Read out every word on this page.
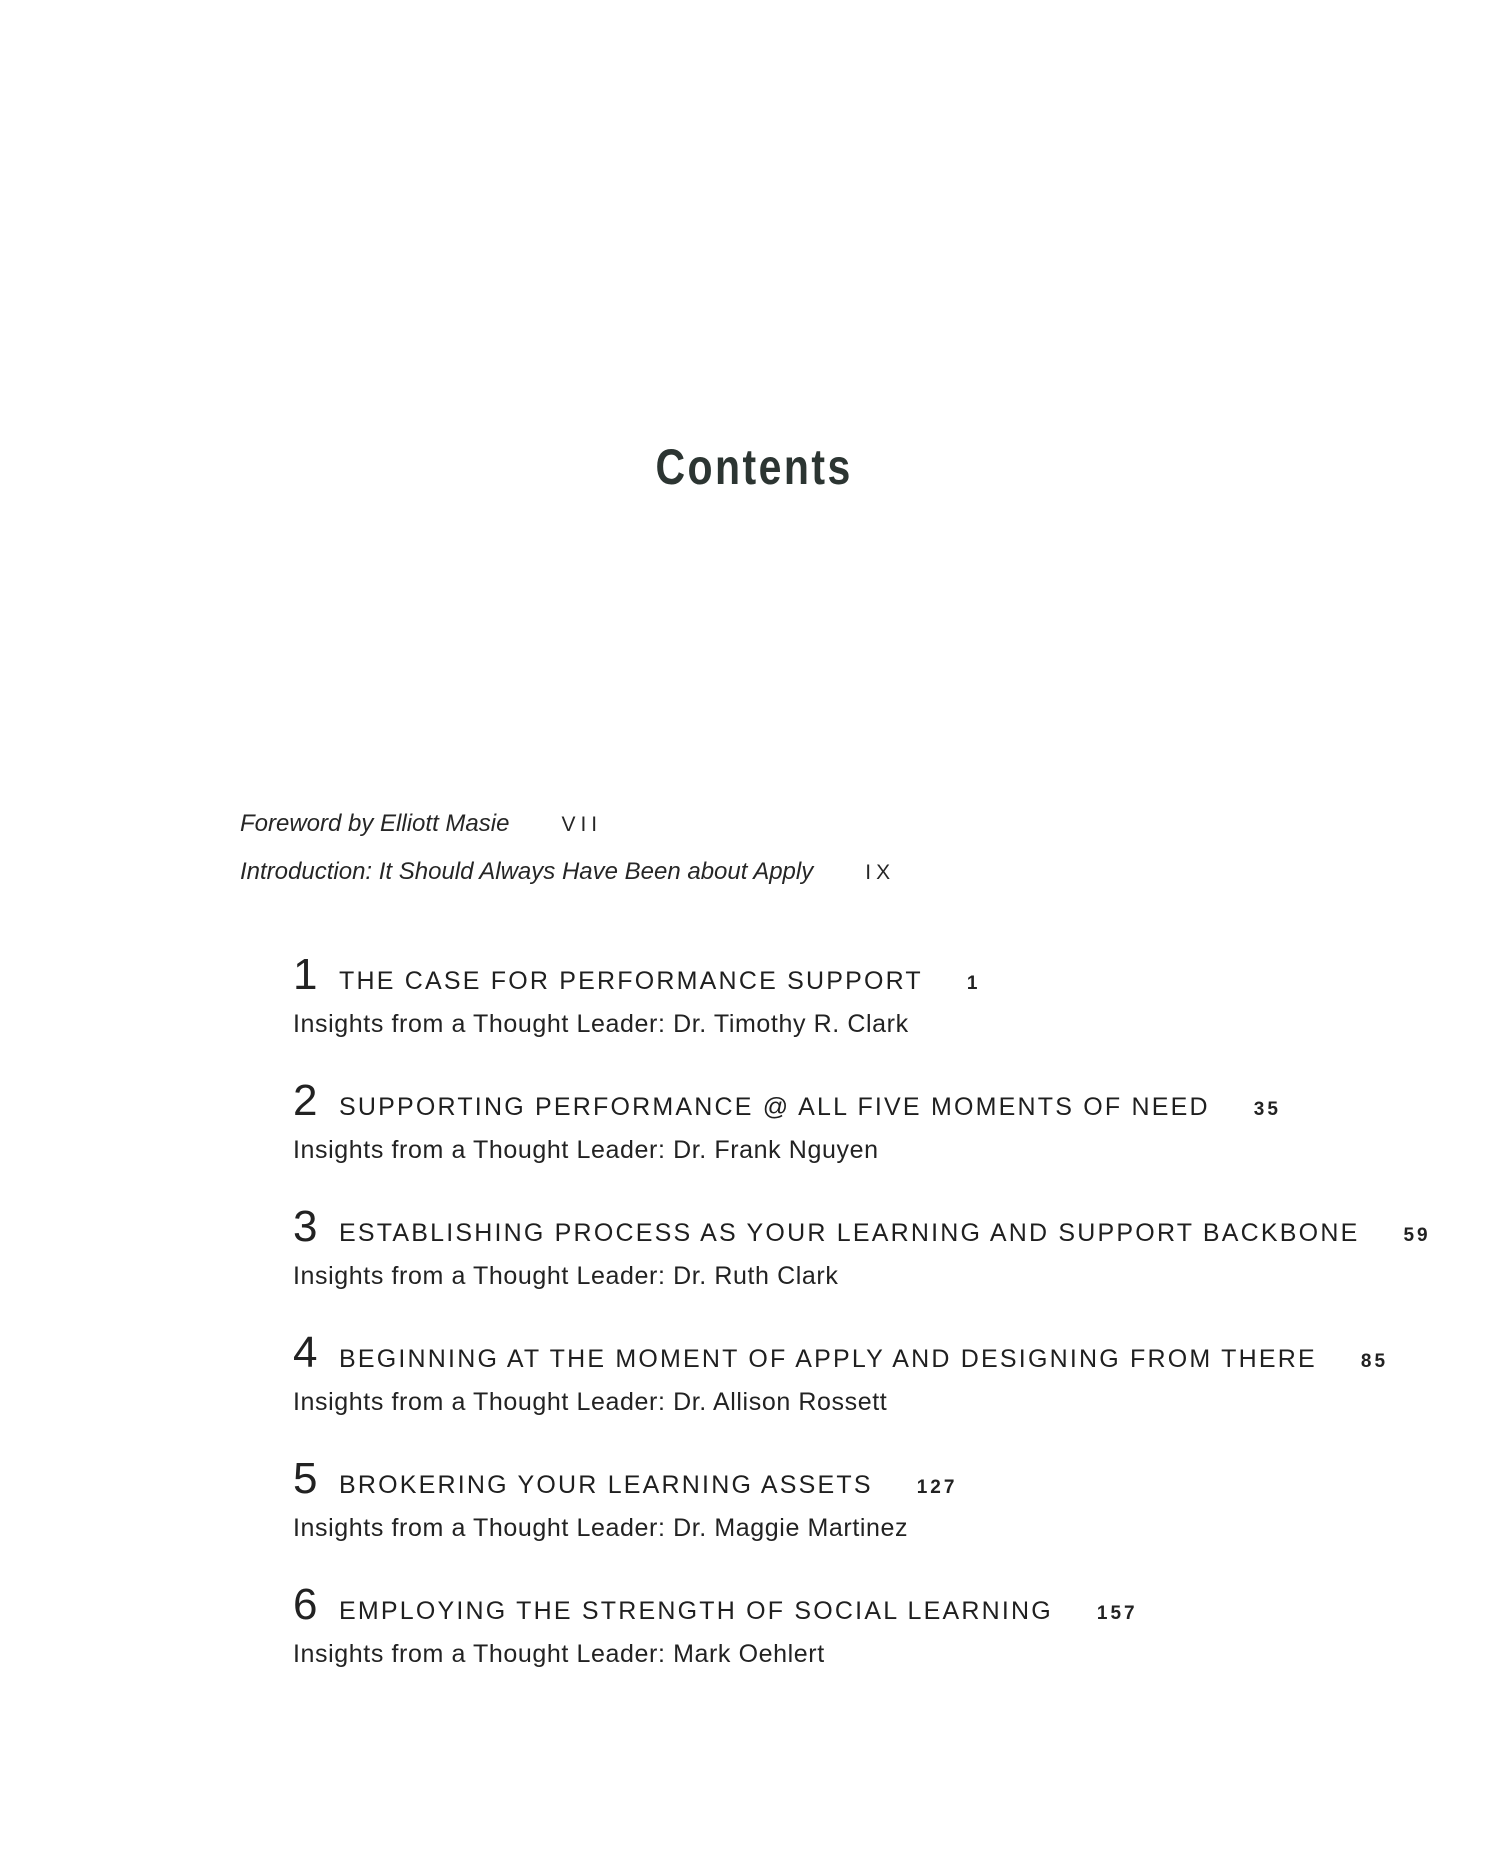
Contents
Foreword by Elliott Masie VII
Introduction: It Should Always Have Been about Apply IX
1 THE CASE FOR PERFORMANCE SUPPORT 1
Insights from a Thought Leader: Dr. Timothy R. Clark
2 SUPPORTING PERFORMANCE @ ALL FIVE MOMENTS OF NEED 35
Insights from a Thought Leader: Dr. Frank Nguyen
3 ESTABLISHING PROCESS AS YOUR LEARNING AND SUPPORT BACKBONE 59
Insights from a Thought Leader: Dr. Ruth Clark
4 BEGINNING AT THE MOMENT OF APPLY AND DESIGNING FROM THERE 85
Insights from a Thought Leader: Dr. Allison Rossett
5 BROKERING YOUR LEARNING ASSETS 127
Insights from a Thought Leader: Dr. Maggie Martinez
6 EMPLOYING THE STRENGTH OF SOCIAL LEARNING 157
Insights from a Thought Leader: Mark Oehlert
